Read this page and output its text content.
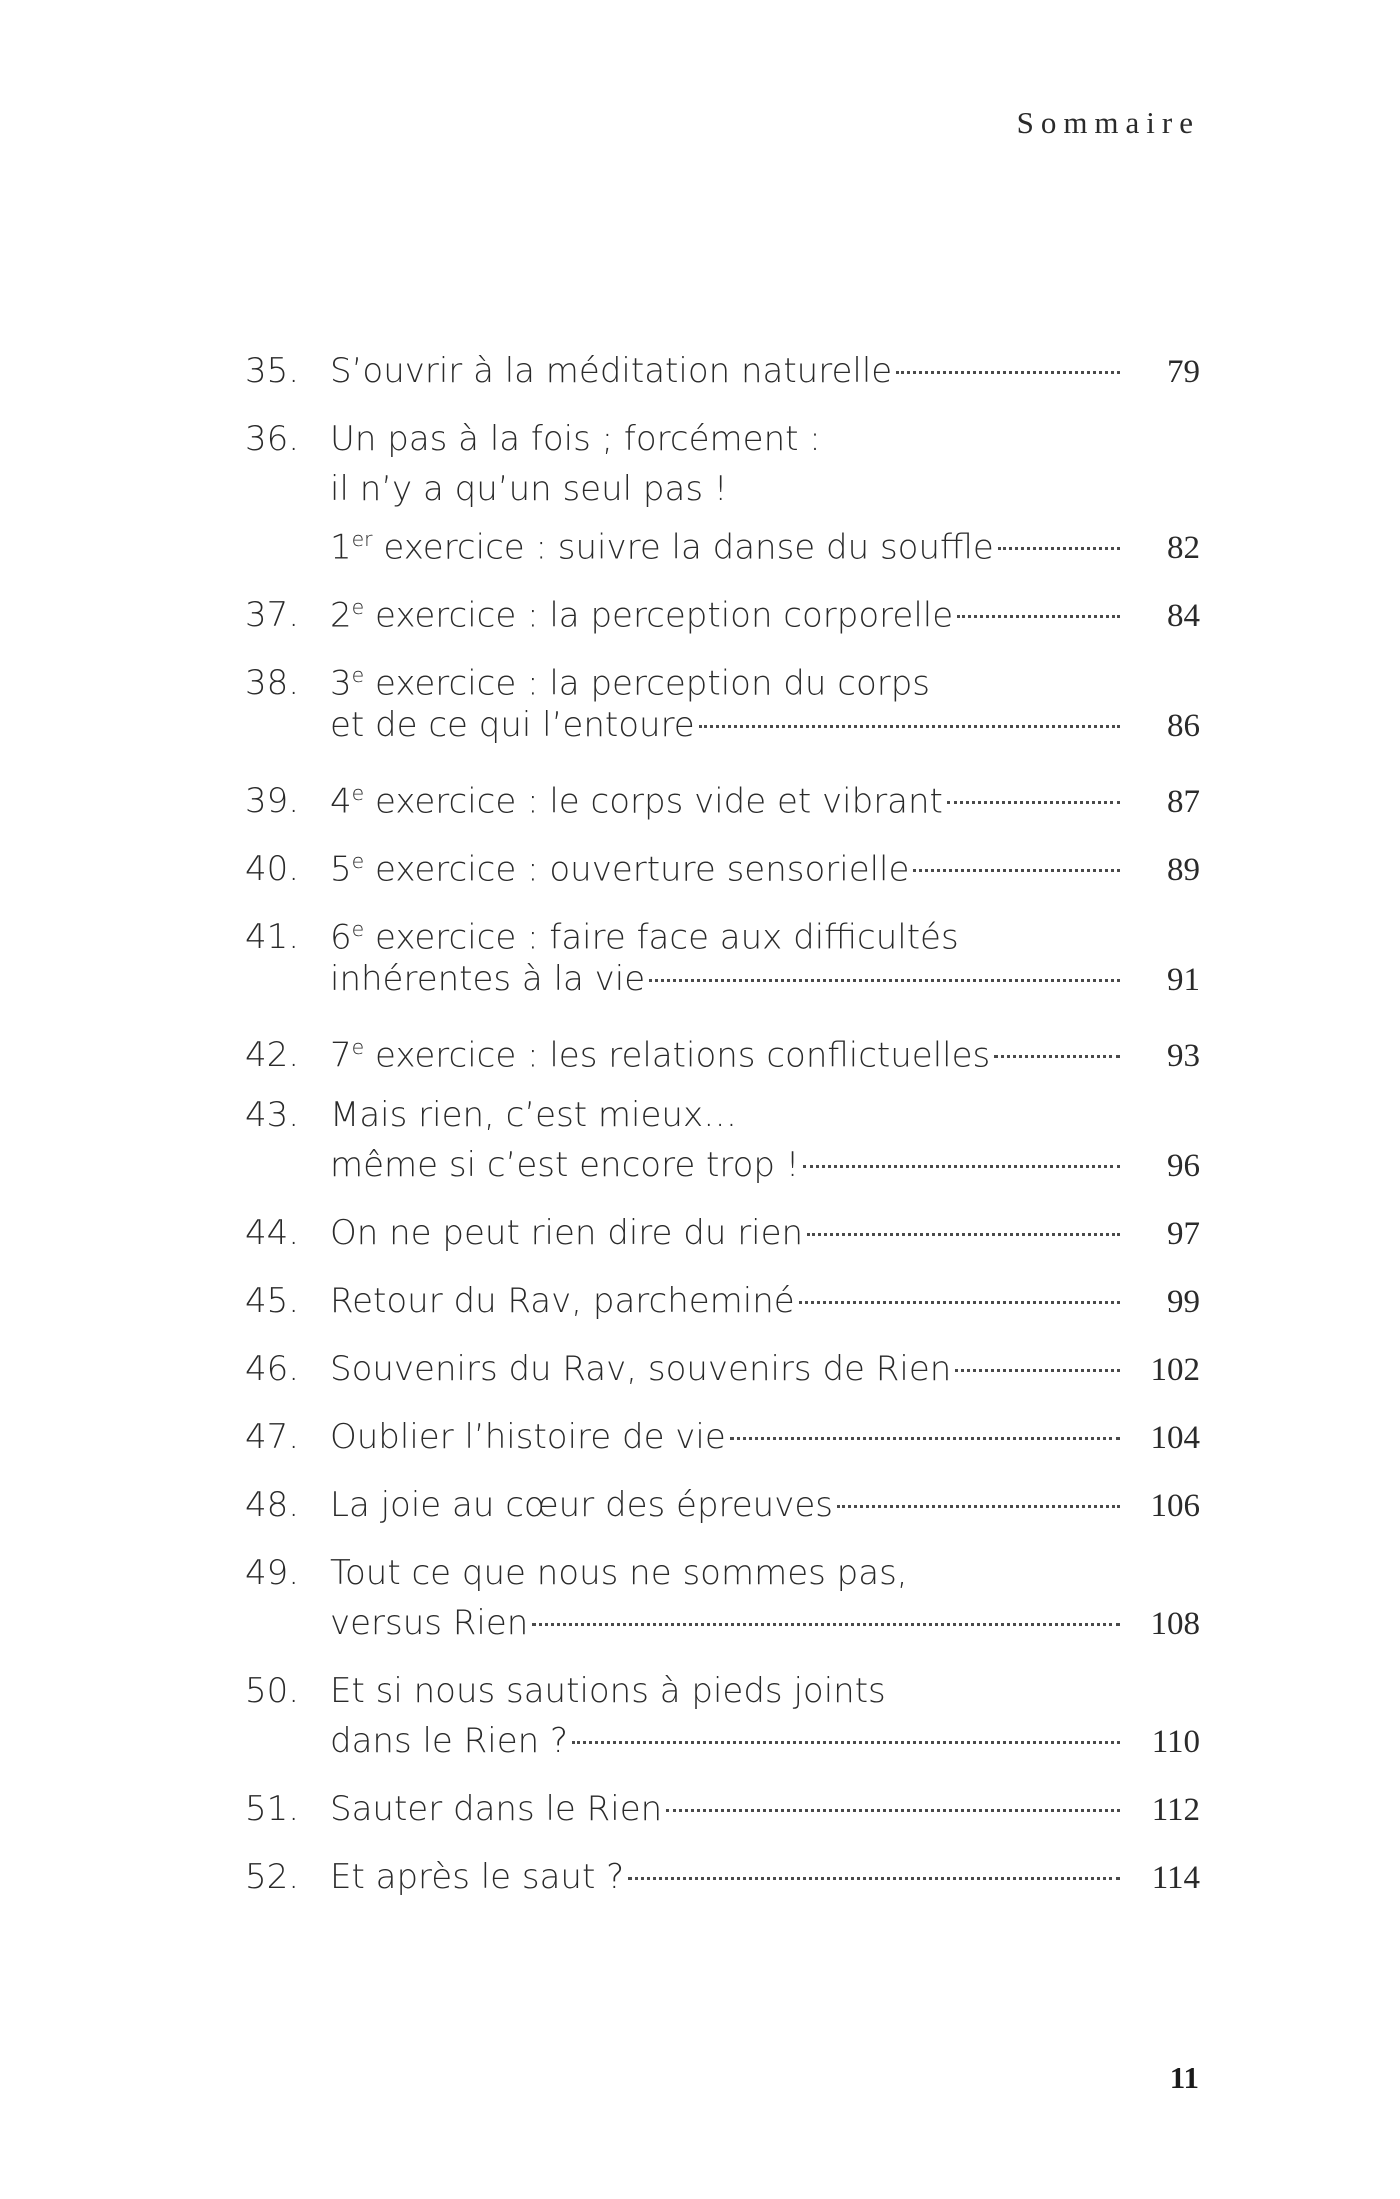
Sommaire
35. S’ouvrir à la méditation naturelle	79
36. Un pas à la fois ; forcément :
il n’y a qu’un seul pas !
1er exercice : suivre la danse du souffle	82
37. 2e exercice : la perception corporelle	84
38. 3e exercice : la perception du corps
et de ce qui l’entoure	86
39. 4e exercice : le corps vide et vibrant	87
40. 5e exercice : ouverture sensorielle	89
41. 6e exercice : faire face aux difficultés
inhérentes à la vie	91
42. 7e exercice : les relations conflictuelles	93
43. Mais rien, c’est mieux…
même si c’est encore trop !	96
44. On ne peut rien dire du rien	97
45. Retour du Rav, parcheminé	99
46. Souvenirs du Rav, souvenirs de Rien	102
47. Oublier l’histoire de vie	104
48. La joie au cœur des épreuves	106
49. Tout ce que nous ne sommes pas,
versus Rien	108
50. Et si nous sautions à pieds joints
dans le Rien ?	110
51. Sauter dans le Rien	112
52. Et après le saut ?	114
11
